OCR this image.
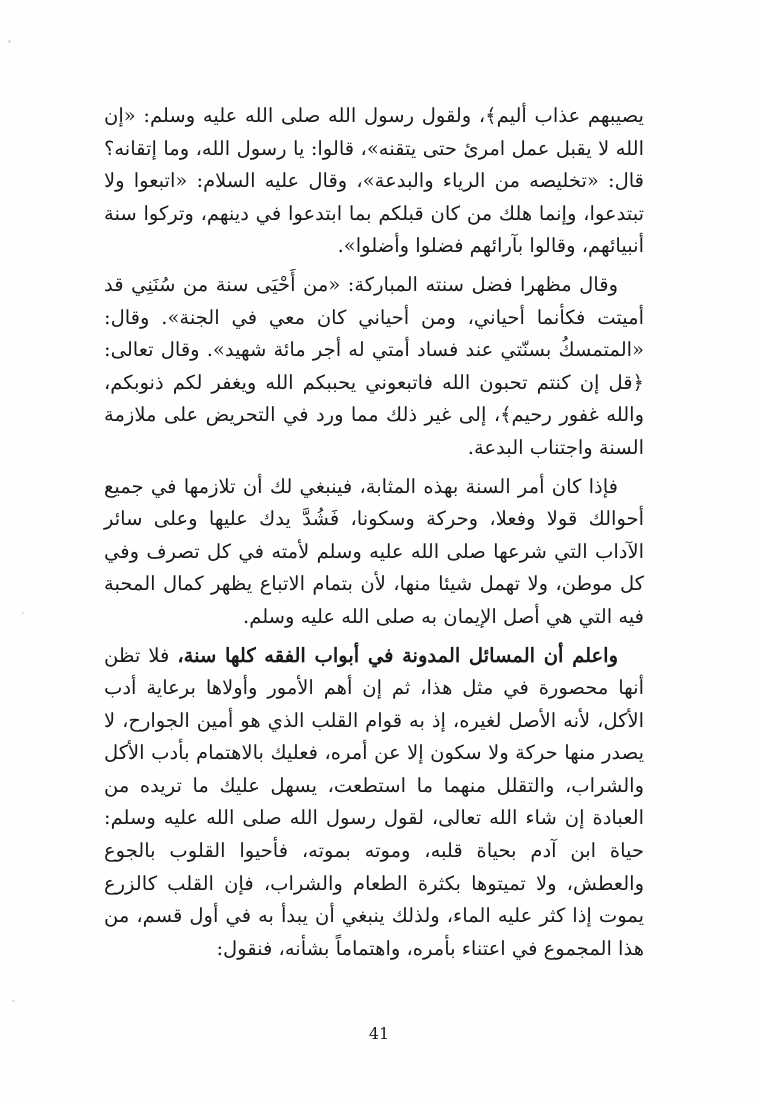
يصيبهم عذاب أليم﴾، ولقول رسول الله صلى الله عليه وسلم: «إن الله لا يقبل عمل امرئ حتى يتقنه»، قالوا: يا رسول الله، وما إتقانه؟ قال: «تخليصه من الرياء والبدعة»، وقال عليه السلام: «اتبعوا ولا تبتدعوا، وإنما هلك من كان قبلكم بما ابتدعوا في دينهم، وتركوا سنة أنبيائهم، وقالوا بآرائهم فضلوا وأضلوا».

وقال مظهرا فضل سنته المباركة: «من أَحْيَى سنة من سُنَنِي قد أميتت فكأنما أحياني، ومن أحياني كان معي في الجنة». وقال: «المتمسكُ بسنّتي عند فساد أمتي له أجر مائة شهيد». وقال تعالى: ﴿قل إن كنتم تحبون الله فاتبعوني يحببكم الله ويغفر لكم ذنوبكم، والله غفور رحيم﴾، إلى غير ذلك مما ورد في التحريض على ملازمة السنة واجتناب البدعة.

فإذا كان أمر السنة بهذه المثابة، فينبغي لك أن تلازمها في جميع أحوالك قولا وفعلا، وحركة وسكونا، فَشُدَّ يدك عليها وعلى سائر الآداب التي شرعها صلى الله عليه وسلم لأمته في كل تصرف وفي كل موطن، ولا تهمل شيئا منها، لأن بتمام الاتباع يظهر كمال المحبة فيه التي هي أصل الإيمان به صلى الله عليه وسلم.

واعلم أن المسائل المدونة في أبواب الفقه كلها سنة، فلا تظن أنها محصورة في مثل هذا، ثم إن أهم الأمور وأولاها برعاية أدب الأكل، لأنه الأصل لغيره، إذ به قوام القلب الذي هو أمين الجوارح، لا يصدر منها حركة ولا سكون إلا عن أمره، فعليك بالاهتمام بأدب الأكل والشراب، والتقلل منهما ما استطعت، يسهل عليك ما تريده من العبادة إن شاء الله تعالى، لقول رسول الله صلى الله عليه وسلم: حياة ابن آدم بحياة قلبه، وموته بموته، فأحيوا القلوب بالجوع والعطش، ولا تميتوها بكثرة الطعام والشراب، فإن القلب كالزرع يموت إذا كثر عليه الماء، ولذلك ينبغي أن يبدأ به في أول قسم، من هذا المجموع في اعتناء بأمره، واهتماماً بشأنه، فنقول:

41
